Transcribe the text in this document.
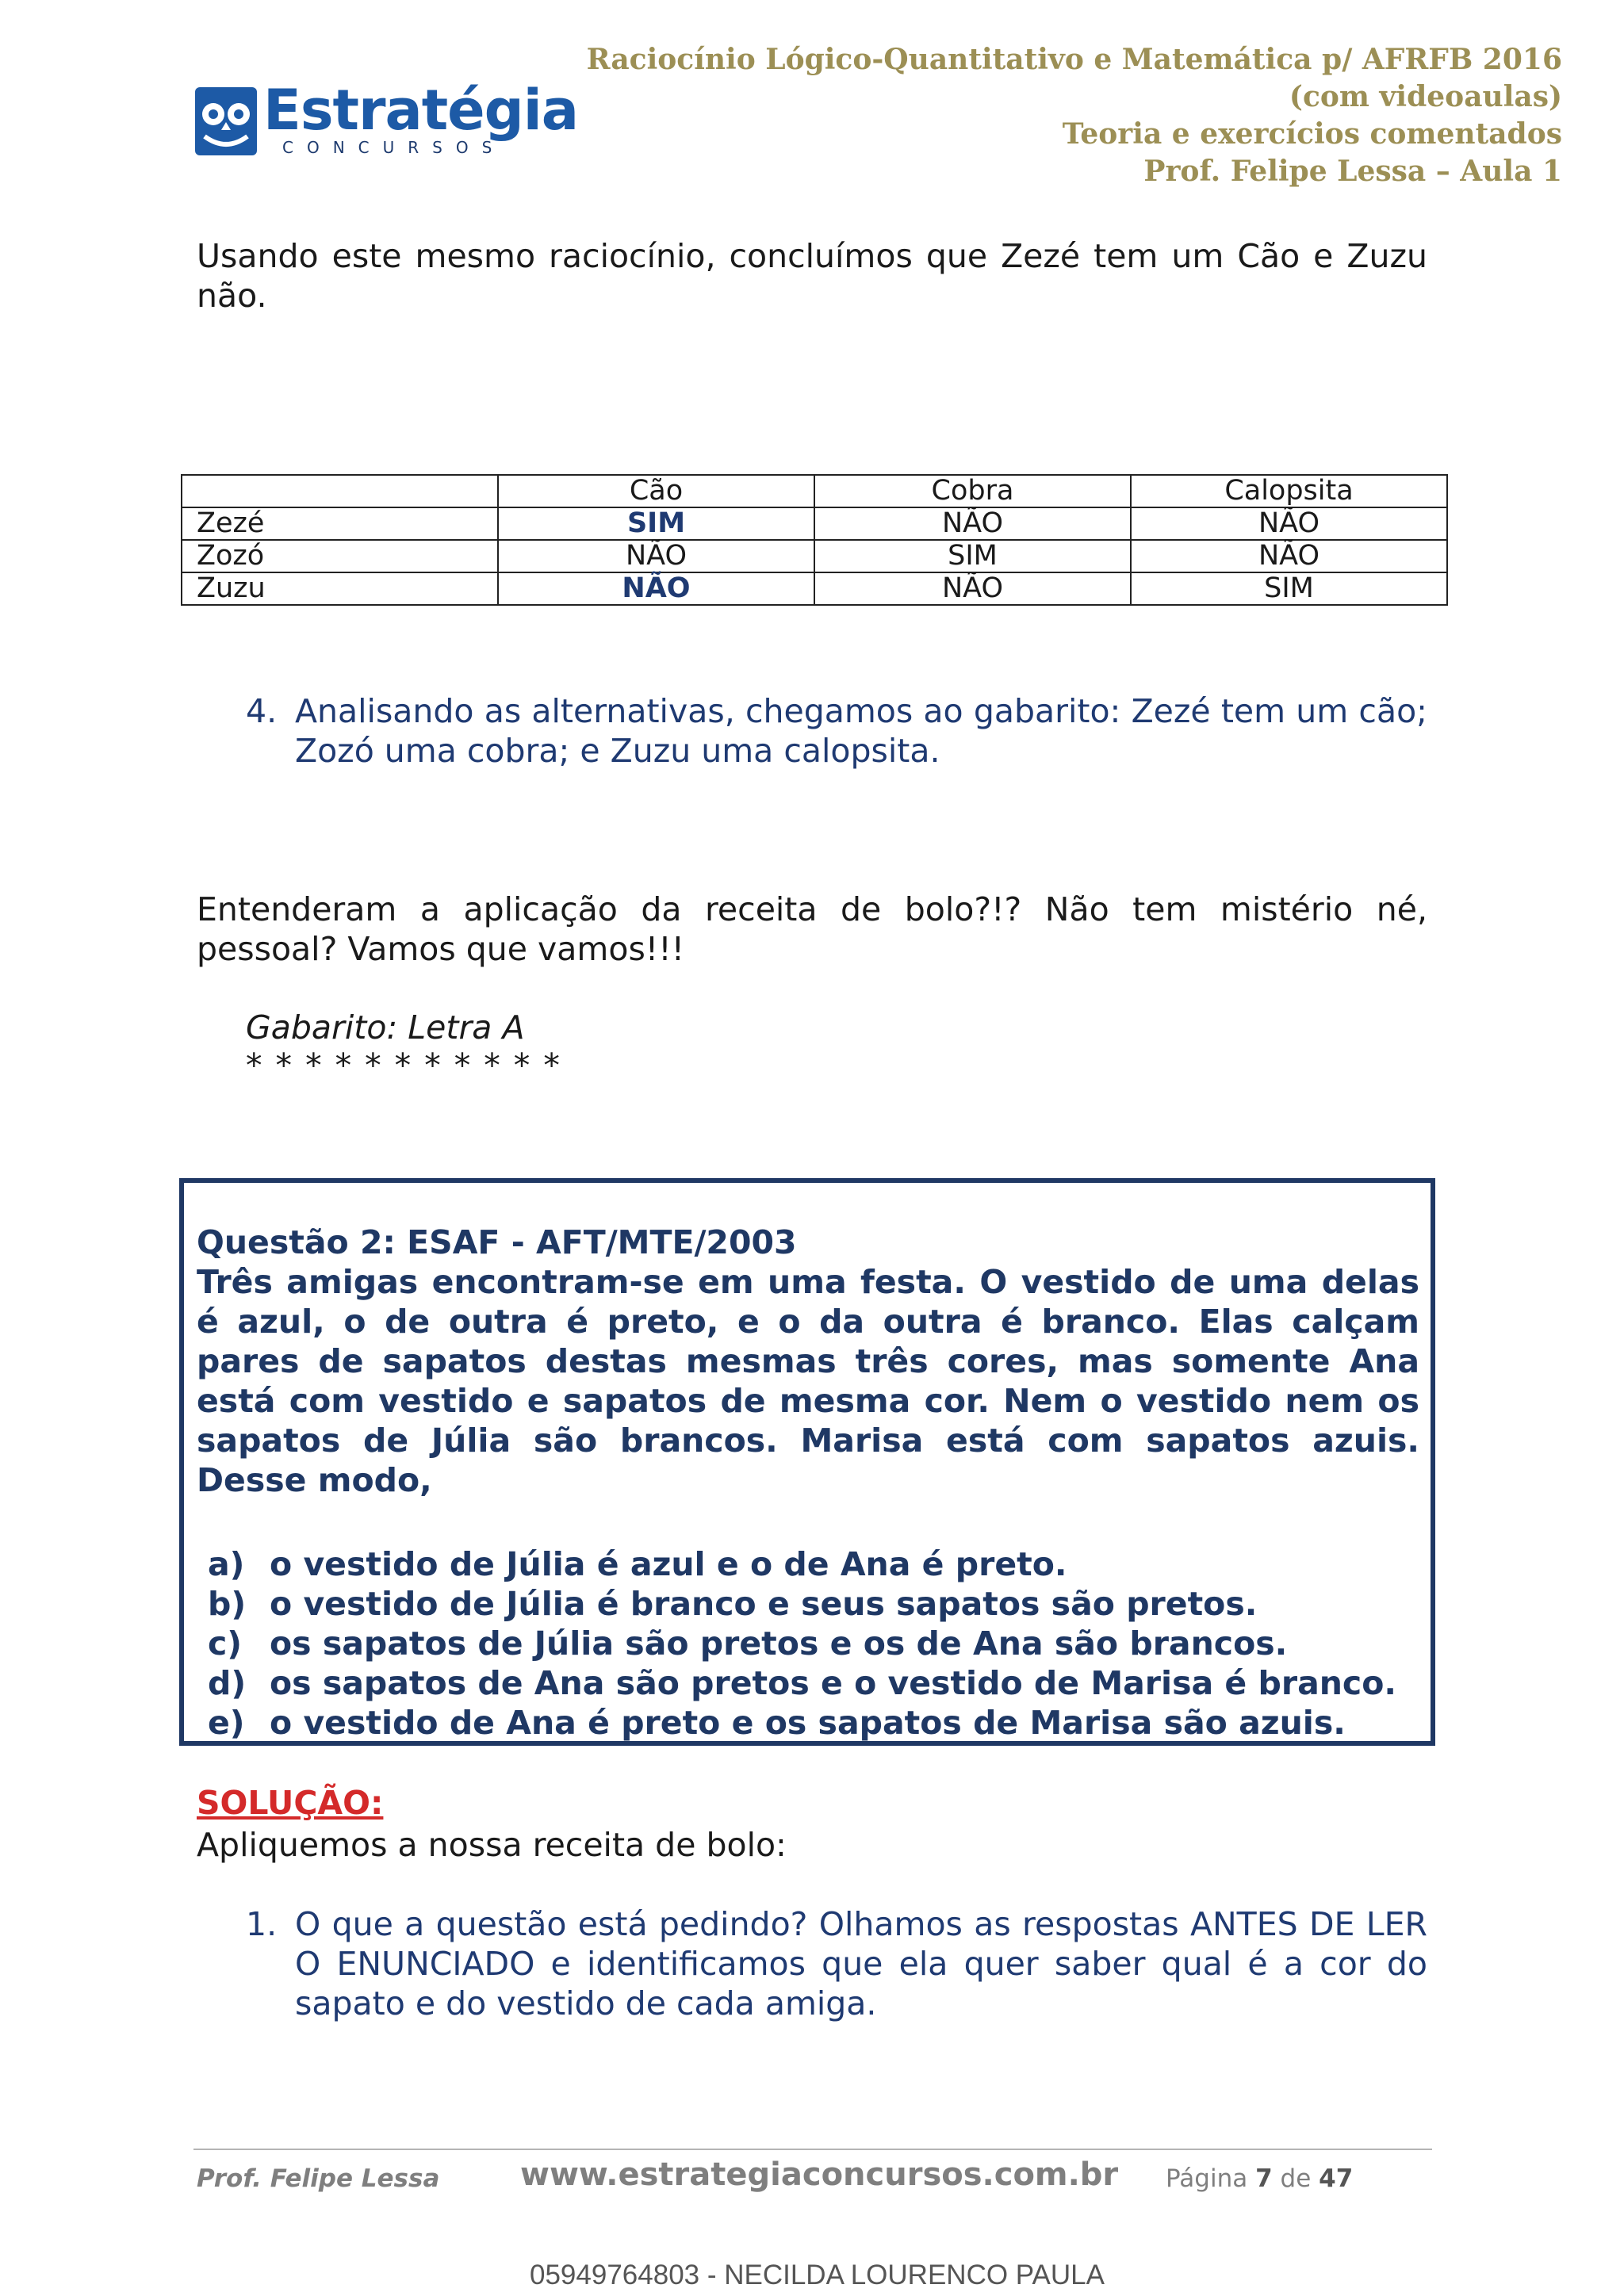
Estratégia
CONCURSOS
Raciocínio Lógico-Quantitativo e Matemática p/ AFRFB 2016
(com videoaulas)
Teoria e exercícios comentados
Prof. Felipe Lessa – Aula 1
Usando este mesmo raciocínio, concluímos que Zezé tem um Cão e Zuzu não.
	Cão	Cobra	Calopsita
Zezé	SIM	NÃO	NÃO
Zozó	NÃO	SIM	NÃO
Zuzu	NÃO	NÃO	SIM
4. Analisando as alternativas, chegamos ao gabarito: Zezé tem um cão; Zozó uma cobra; e Zuzu uma calopsita.
Entenderam a aplicação da receita de bolo?!? Não tem mistério né, pessoal? Vamos que vamos!!!
Gabarito: Letra A
* * * * * * * * * * *
Questão 2: ESAF - AFT/MTE/2003
Três amigas encontram-se em uma festa. O vestido de uma delas é azul, o de outra é preto, e o da outra é branco. Elas calçam pares de sapatos destas mesmas três cores, mas somente Ana está com vestido e sapatos de mesma cor. Nem o vestido nem os sapatos de Júlia são brancos. Marisa está com sapatos azuis. Desse modo,
a) o vestido de Júlia é azul e o de Ana é preto.
b) o vestido de Júlia é branco e seus sapatos são pretos.
c) os sapatos de Júlia são pretos e os de Ana são brancos.
d) os sapatos de Ana são pretos e o vestido de Marisa é branco.
e) o vestido de Ana é preto e os sapatos de Marisa são azuis.
SOLUÇÃO:
Apliquemos a nossa receita de bolo:
1. O que a questão está pedindo? Olhamos as respostas ANTES DE LER O ENUNCIADO e identificamos que ela quer saber qual é a cor do sapato e do vestido de cada amiga.
Prof. Felipe Lessa	www.estrategiaconcursos.com.br Página 7 de 47
05949764803 - NECILDA LOURENCO PAULA
